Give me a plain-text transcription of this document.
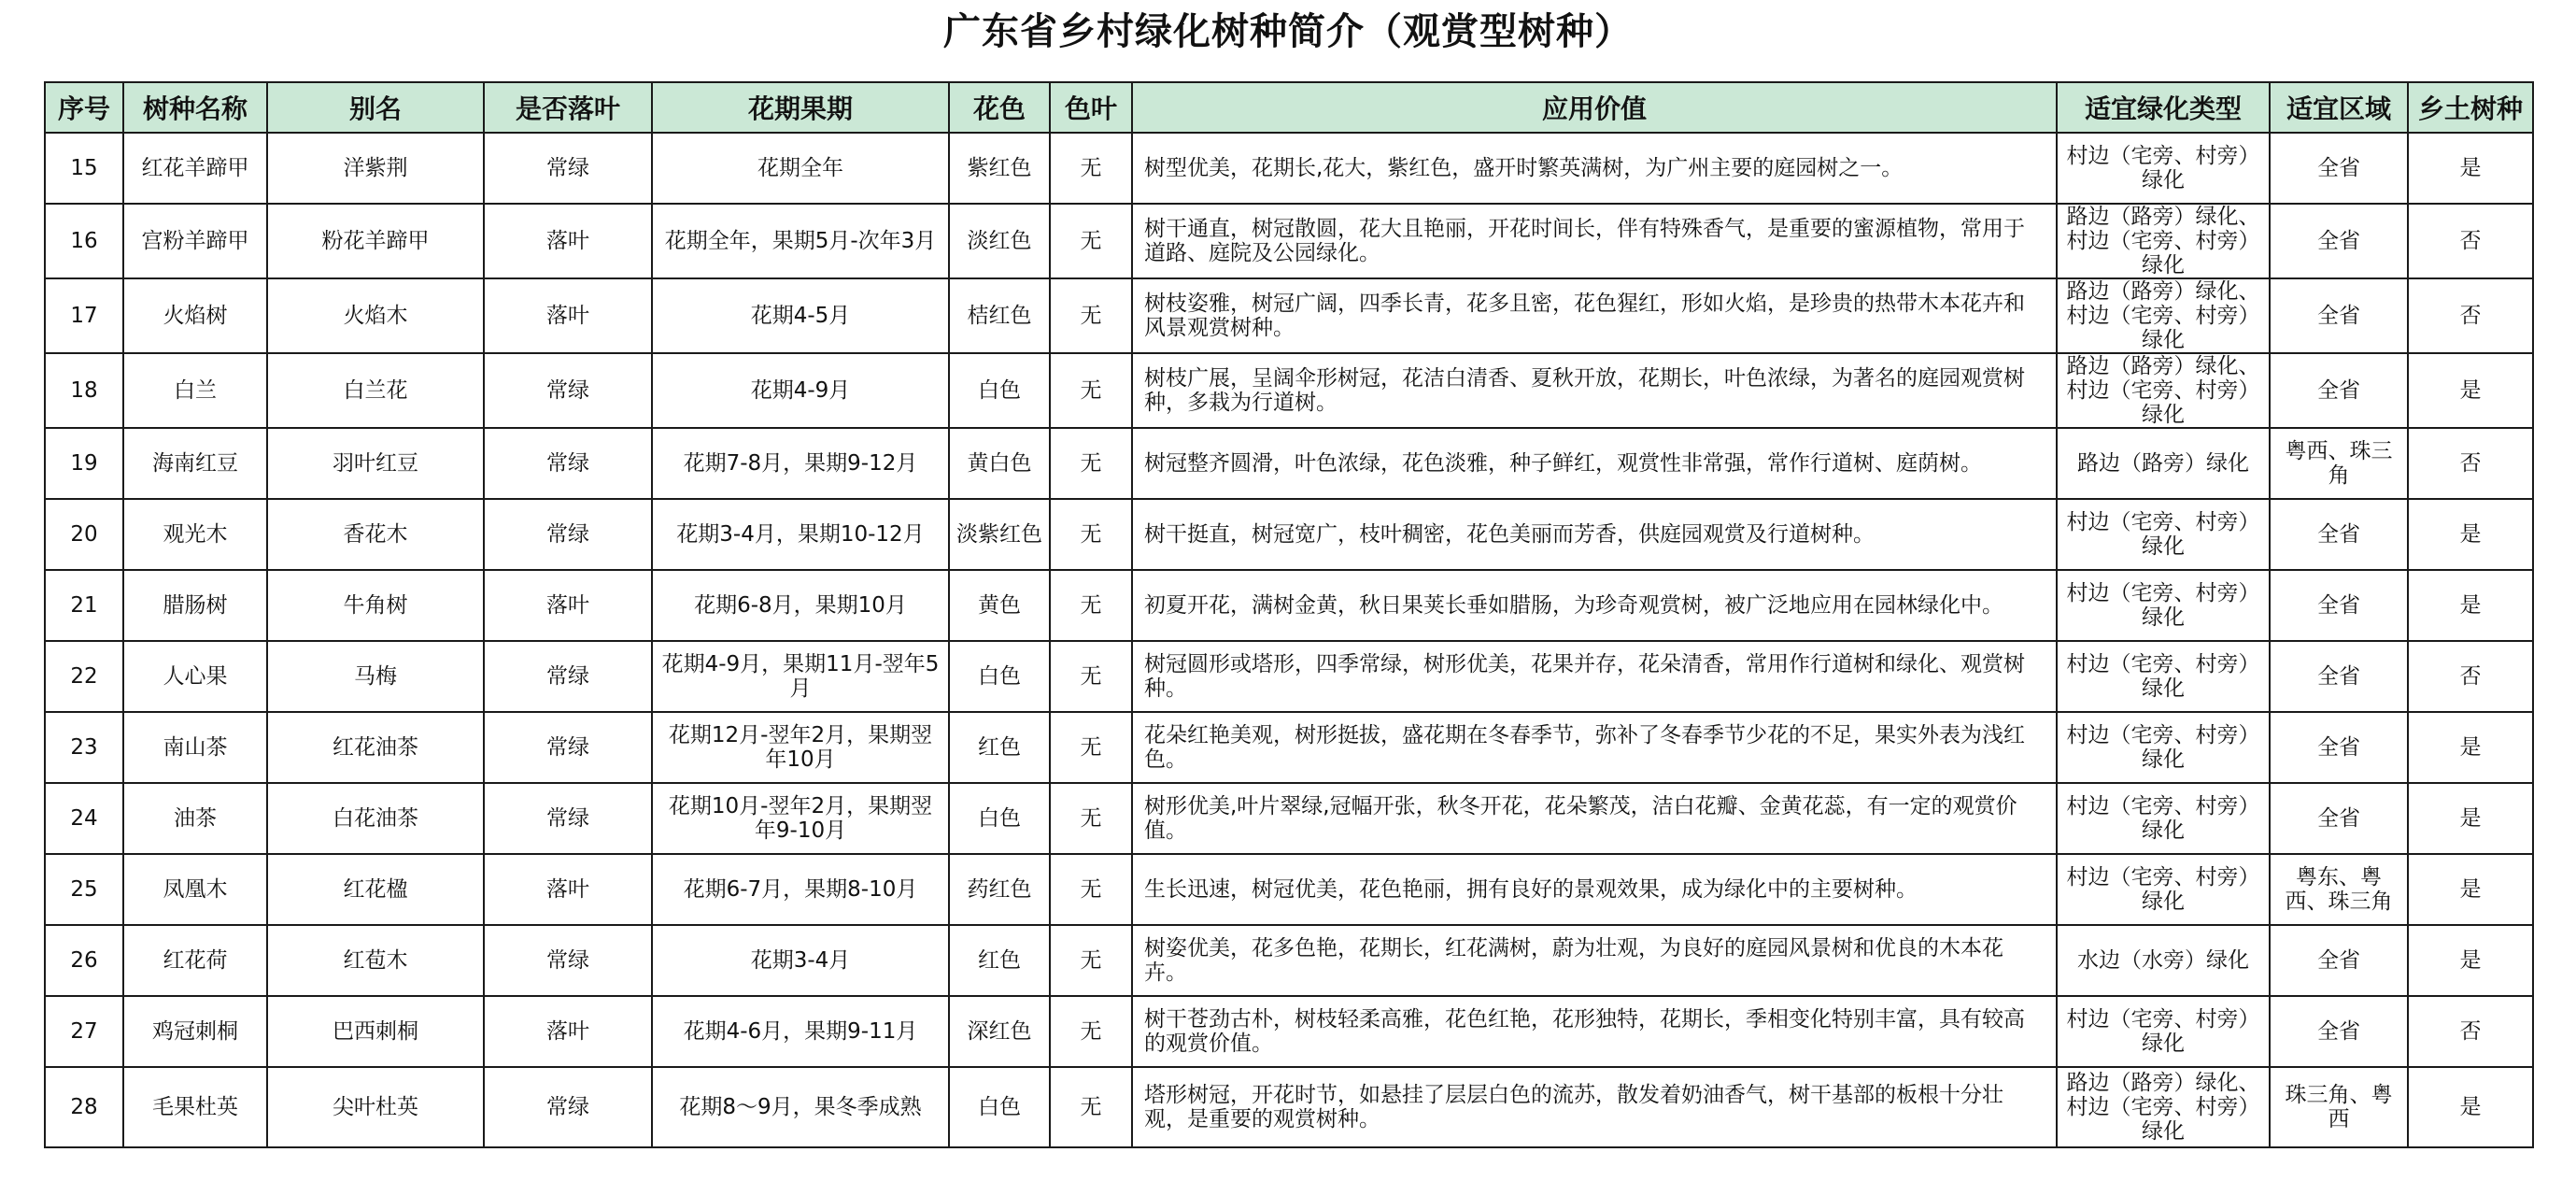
广东省乡村绿化树种简介（观赏型树种）
序号	树种名称	别名	是否落叶	花期果期	花色	色叶	应用价值	适宜绿化类型	适宜区域	乡土树种
15	红花羊蹄甲	洋紫荆	常绿	花期全年	紫红色	无	树型优美，花期长,花大，紫红色，盛开时繁英满树，为广州主要的庭园树之一。	村边（宅旁、村旁）绿化	全省	是
16	宫粉羊蹄甲	粉花羊蹄甲	落叶	花期全年，果期5月-次年3月	淡红色	无	树干通直，树冠散圆，花大且艳丽，开花时间长，伴有特殊香气，是重要的蜜源植物，常用于道路、庭院及公园绿化。	路边（路旁）绿化、村边（宅旁、村旁）绿化	全省	否
17	火焰树	火焰木	落叶	花期4-5月	桔红色	无	树枝姿雅，树冠广阔，四季长青，花多且密，花色猩红，形如火焰，是珍贵的热带木本花卉和风景观赏树种。	路边（路旁）绿化、村边（宅旁、村旁）绿化	全省	否
18	白兰	白兰花	常绿	花期4-9月	白色	无	树枝广展，呈阔伞形树冠，花洁白清香、夏秋开放，花期长，叶色浓绿，为著名的庭园观赏树种，多栽为行道树。	路边（路旁）绿化、村边（宅旁、村旁）绿化	全省	是
19	海南红豆	羽叶红豆	常绿	花期7-8月，果期9-12月	黄白色	无	树冠整齐圆滑，叶色浓绿，花色淡雅，种子鲜红，观赏性非常强，常作行道树、庭荫树。	路边（路旁）绿化	粤西、珠三角	否
20	观光木	香花木	常绿	花期3-4月，果期10-12月	淡紫红色	无	树干挺直，树冠宽广，枝叶稠密，花色美丽而芳香，供庭园观赏及行道树种。	村边（宅旁、村旁）绿化	全省	是
21	腊肠树	牛角树	落叶	花期6-8月，果期10月	黄色	无	初夏开花，满树金黄，秋日果荚长垂如腊肠，为珍奇观赏树，被广泛地应用在园林绿化中。	村边（宅旁、村旁）绿化	全省	是
22	人心果	马梅	常绿	花期4-9月，果期11月-翌年5月	白色	无	树冠圆形或塔形，四季常绿，树形优美，花果并存，花朵清香，常用作行道树和绿化、观赏树种。	村边（宅旁、村旁）绿化	全省	否
23	南山茶	红花油茶	常绿	花期12月-翌年2月，果期翌年10月	红色	无	花朵红艳美观，树形挺拔，盛花期在冬春季节，弥补了冬春季节少花的不足，果实外表为浅红色。	村边（宅旁、村旁）绿化	全省	是
24	油茶	白花油茶	常绿	花期10月-翌年2月，果期翌年9-10月	白色	无	树形优美,叶片翠绿,冠幅开张，秋冬开花，花朵繁茂，洁白花瓣、金黄花蕊，有一定的观赏价值。	村边（宅旁、村旁）绿化	全省	是
25	凤凰木	红花楹	落叶	花期6-7月，果期8-10月	药红色	无	生长迅速，树冠优美，花色艳丽，拥有良好的景观效果，成为绿化中的主要树种。	村边（宅旁、村旁）绿化	粤东、粤西、珠三角	是
26	红花荷	红苞木	常绿	花期3-4月	红色	无	树姿优美，花多色艳，花期长，红花满树，蔚为壮观，为良好的庭园风景树和优良的木本花卉。	水边（水旁）绿化	全省	是
27	鸡冠刺桐	巴西刺桐	落叶	花期4-6月，果期9-11月	深红色	无	树干苍劲古朴，树枝轻柔高雅，花色红艳，花形独特，花期长，季相变化特别丰富，具有较高的观赏价值。	村边（宅旁、村旁）绿化	全省	否
28	毛果杜英	尖叶杜英	常绿	花期8～9月，果冬季成熟	白色	无	塔形树冠，开花时节，如悬挂了层层白色的流苏，散发着奶油香气，树干基部的板根十分壮观，是重要的观赏树种。	路边（路旁）绿化、村边（宅旁、村旁）绿化	珠三角、粤西	是
